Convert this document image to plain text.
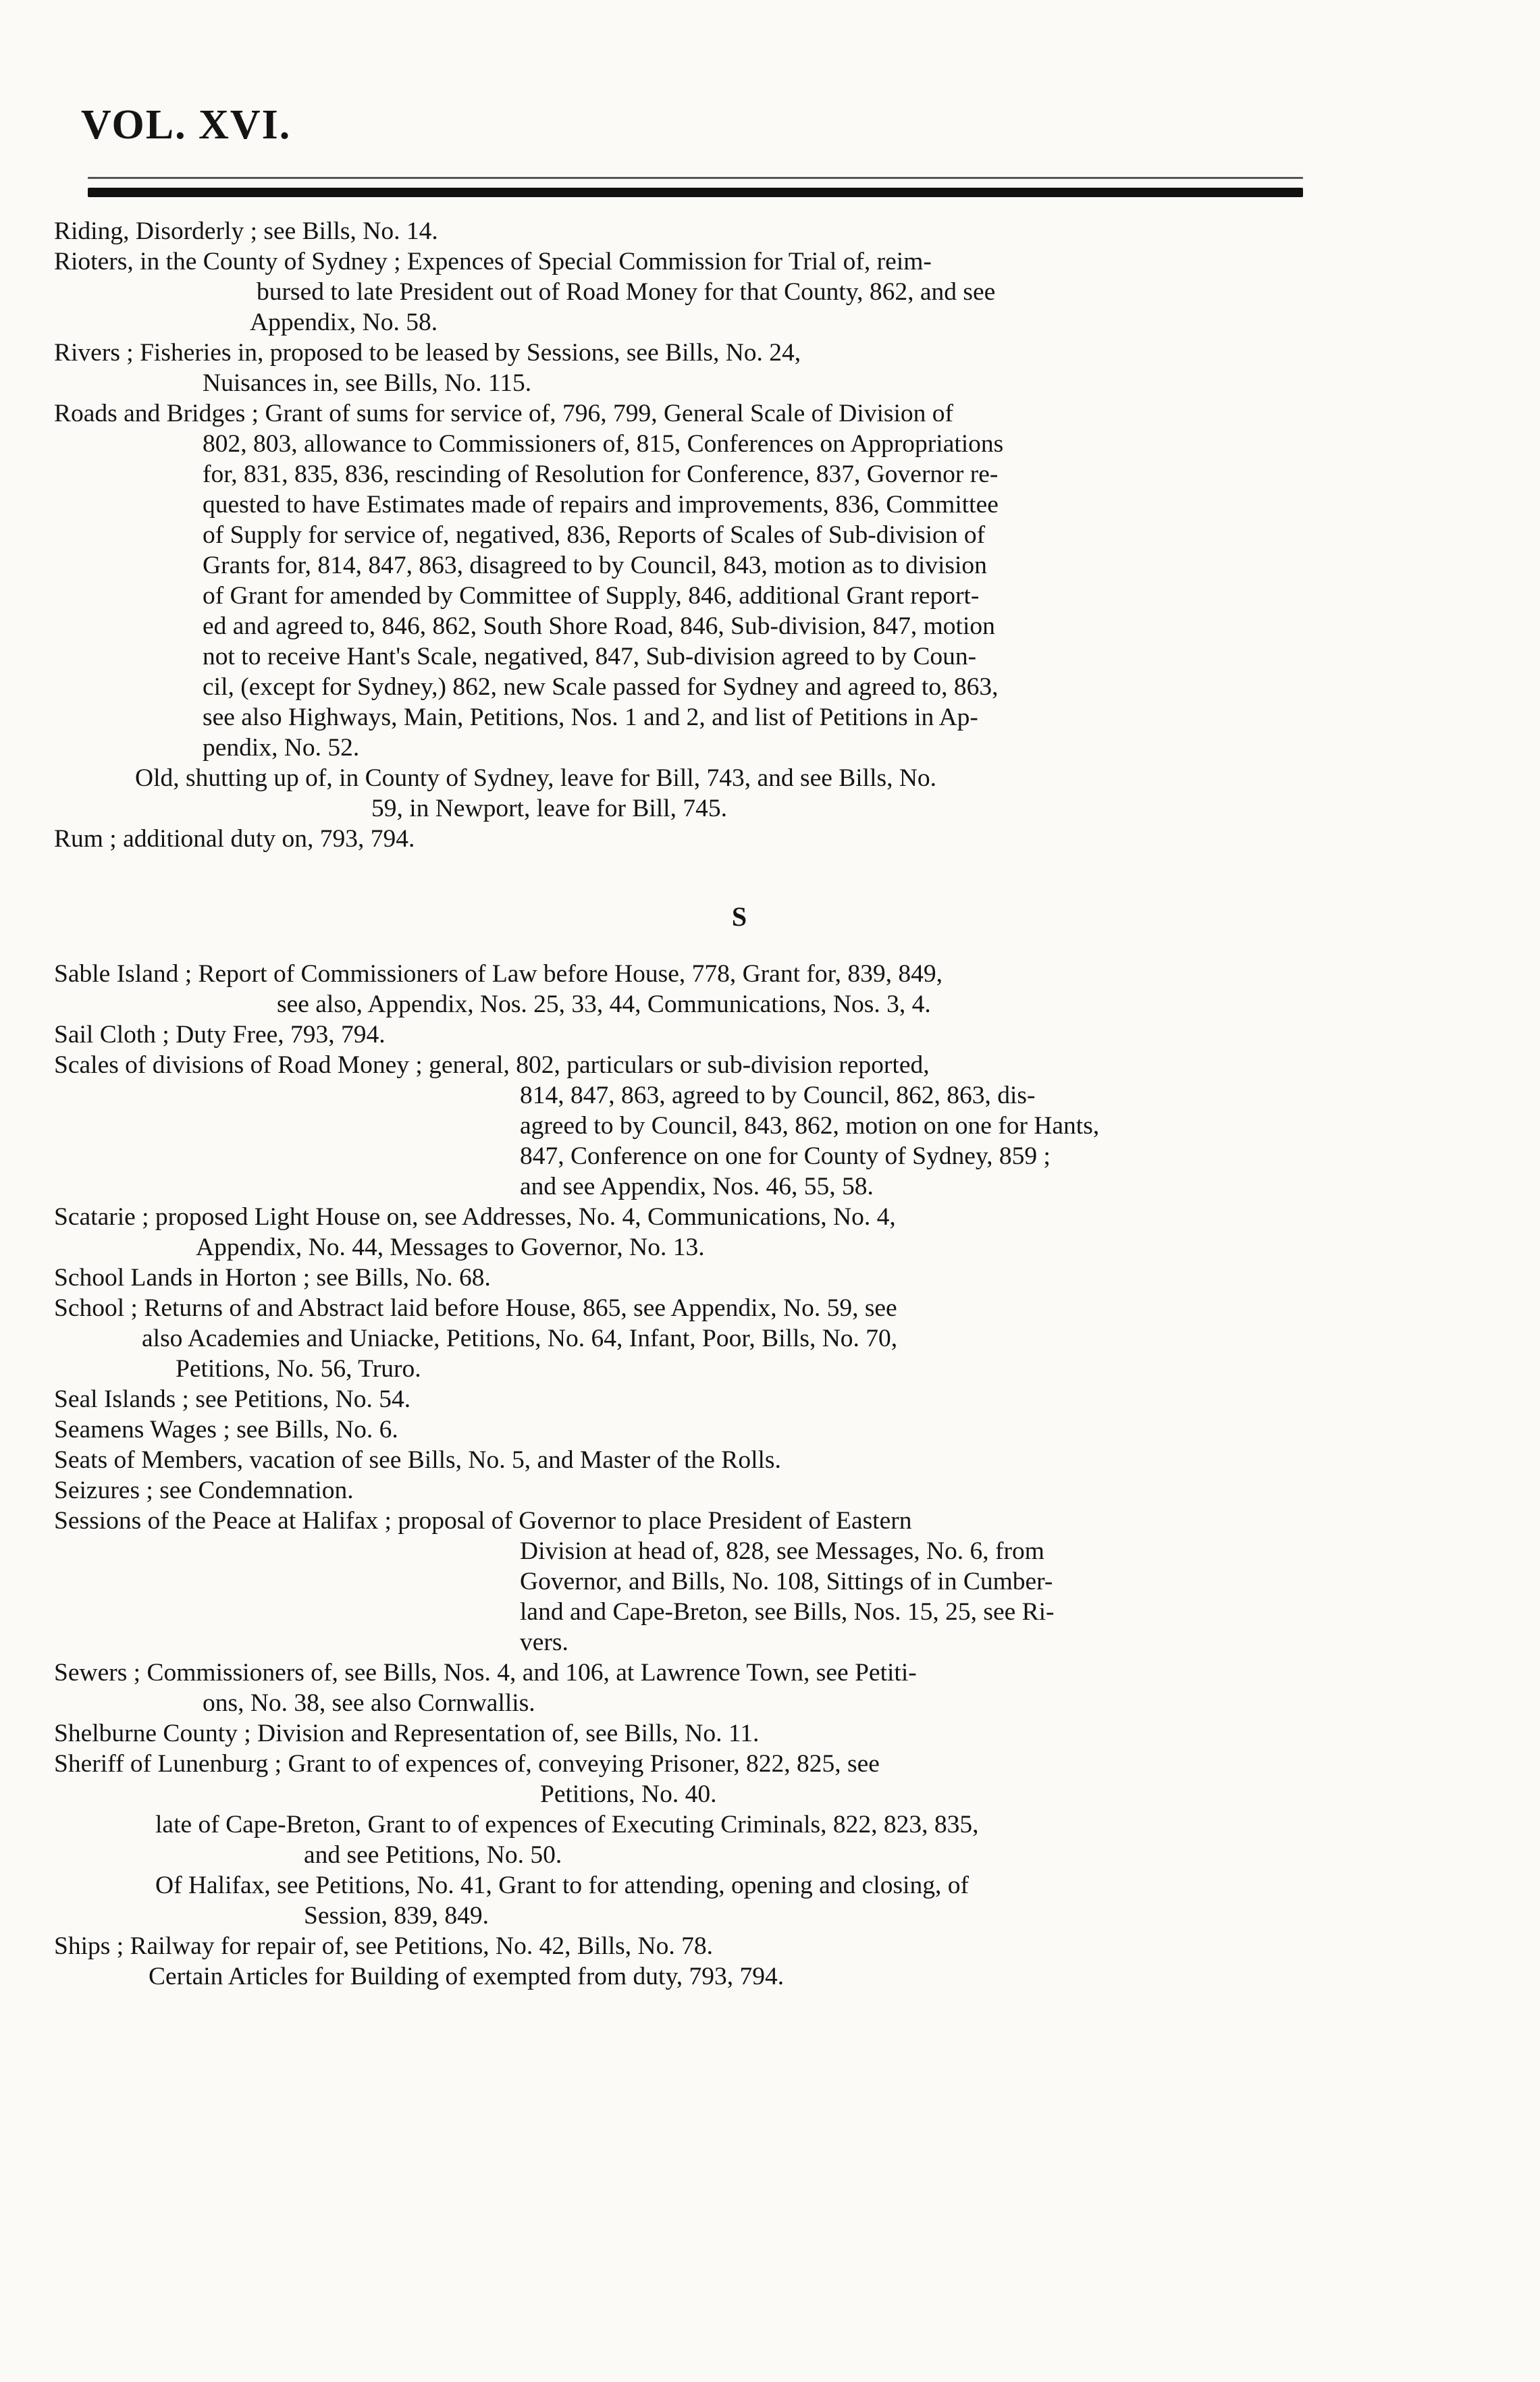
VOL. XVI.
Riding, Disorderly ; see Bills, No. 14.
Rioters, in the County of Sydney ; Expences of Special Commission for Trial of, reim-
bursed to late President out of Road Money for that County, 862, and see
Appendix, No. 58.
Rivers ; Fisheries in, proposed to be leased by Sessions, see Bills, No. 24,
Nuisances in, see Bills, No. 115.
Roads and Bridges ; Grant of sums for service of, 796, 799, General Scale of Division of
802, 803, allowance to Commissioners of, 815, Conferences on Appropriations
for, 831, 835, 836, rescinding of Resolution for Conference, 837, Governor re-
quested to have Estimates made of repairs and improvements, 836, Committee
of Supply for service of, negatived, 836, Reports of Scales of Sub-division of
Grants for, 814, 847, 863, disagreed to by Council, 843, motion as to division
of Grant for amended by Committee of Supply, 846, additional Grant report-
ed and agreed to, 846, 862, South Shore Road, 846, Sub-division, 847, motion
not to receive Hant's Scale, negatived, 847, Sub-division agreed to by Coun-
cil, (except for Sydney,) 862, new Scale passed for Sydney and agreed to, 863,
see also Highways, Main, Petitions, Nos. 1 and 2, and list of Petitions in Ap-
pendix, No. 52.
Old, shutting up of, in County of Sydney, leave for Bill, 743, and see Bills, No.
59, in Newport, leave for Bill, 745.
Rum ; additional duty on, 793, 794.
S
Sable Island ; Report of Commissioners of Law before House, 778, Grant for, 839, 849,
see also, Appendix, Nos. 25, 33, 44, Communications, Nos. 3, 4.
Sail Cloth ; Duty Free, 793, 794.
Scales of divisions of Road Money ; general, 802, particulars or sub-division reported,
814, 847, 863, agreed to by Council, 862, 863, dis-
agreed to by Council, 843, 862, motion on one for Hants,
847, Conference on one for County of Sydney, 859 ;
and see Appendix, Nos. 46, 55, 58.
Scatarie ; proposed Light House on, see Addresses, No. 4, Communications, No. 4,
Appendix, No. 44, Messages to Governor, No. 13.
School Lands in Horton ; see Bills, No. 68.
School ; Returns of and Abstract laid before House, 865, see Appendix, No. 59, see
also Academies and Uniacke, Petitions, No. 64, Infant, Poor, Bills, No. 70,
Petitions, No. 56, Truro.
Seal Islands ; see Petitions, No. 54.
Seamens Wages ; see Bills, No. 6.
Seats of Members, vacation of see Bills, No. 5, and Master of the Rolls.
Seizures ; see Condemnation.
Sessions of the Peace at Halifax ; proposal of Governor to place President of Eastern
Division at head of, 828, see Messages, No. 6, from
Governor, and Bills, No. 108, Sittings of in Cumber-
land and Cape-Breton, see Bills, Nos. 15, 25, see Ri-
vers.
Sewers ; Commissioners of, see Bills, Nos. 4, and 106, at Lawrence Town, see Petiti-
ons, No. 38, see also Cornwallis.
Shelburne County ; Division and Representation of, see Bills, No. 11.
Sheriff of Lunenburg ; Grant to of expences of, conveying Prisoner, 822, 825, see
Petitions, No. 40.
late of Cape-Breton, Grant to of expences of Executing Criminals, 822, 823, 835,
and see Petitions, No. 50.
Of Halifax, see Petitions, No. 41, Grant to for attending, opening and closing, of
Session, 839, 849.
Ships ; Railway for repair of, see Petitions, No. 42, Bills, No. 78.
Certain Articles for Building of exempted from duty, 793, 794.
